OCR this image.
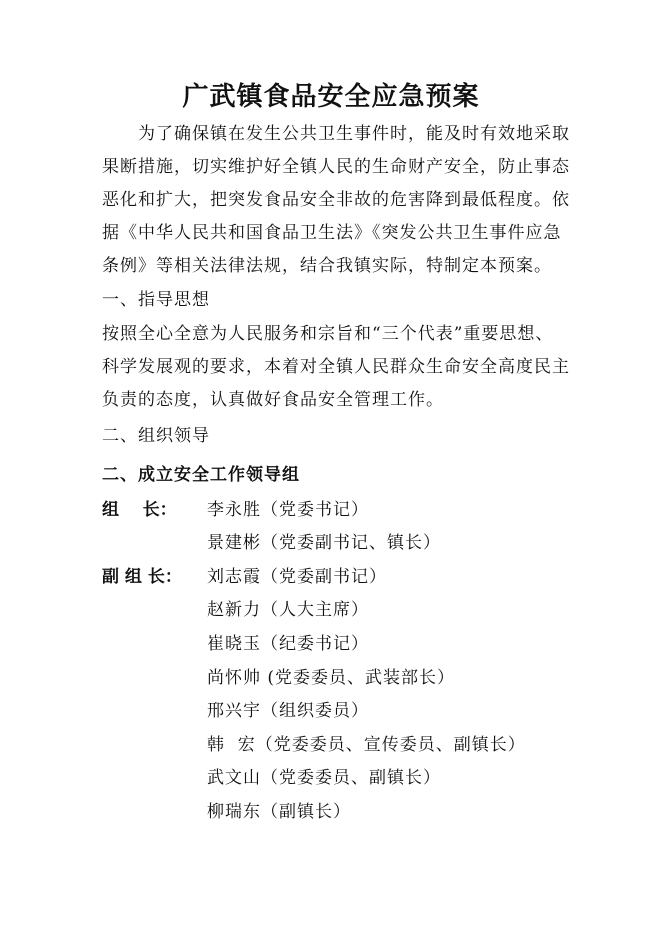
广武镇食品安全应急预案
为了确保镇在发生公共卫生事件时，能及时有效地采取
果断措施，切实维护好全镇人民的生命财产安全，防止事态
恶化和扩大，把突发食品安全非故的危害降到最低程度。依
据《中华人民共和国食品卫生法》《突发公共卫生事件应急
条例》等相关法律法规，结合我镇实际，特制定本预案。
一、指导思想
按照全心全意为人民服务和宗旨和“三个代表”重要思想、
科学发展观的要求，本着对全镇人民群众生命安全高度民主
负责的态度，认真做好食品安全管理工作。
二、组织领导
二、成立安全工作领导组
组    长： 李永胜（党委书记）
景建彬（党委副书记、镇长）
副 组 长： 刘志霞（党委副书记）
赵新力（人大主席）
崔晓玉（纪委书记）
尚怀帅 (党委委员、武装部长）
邢兴宇（组织委员）
韩  宏（党委委员、宣传委员、副镇长）
武文山（党委委员、副镇长）
柳瑞东（副镇长）
